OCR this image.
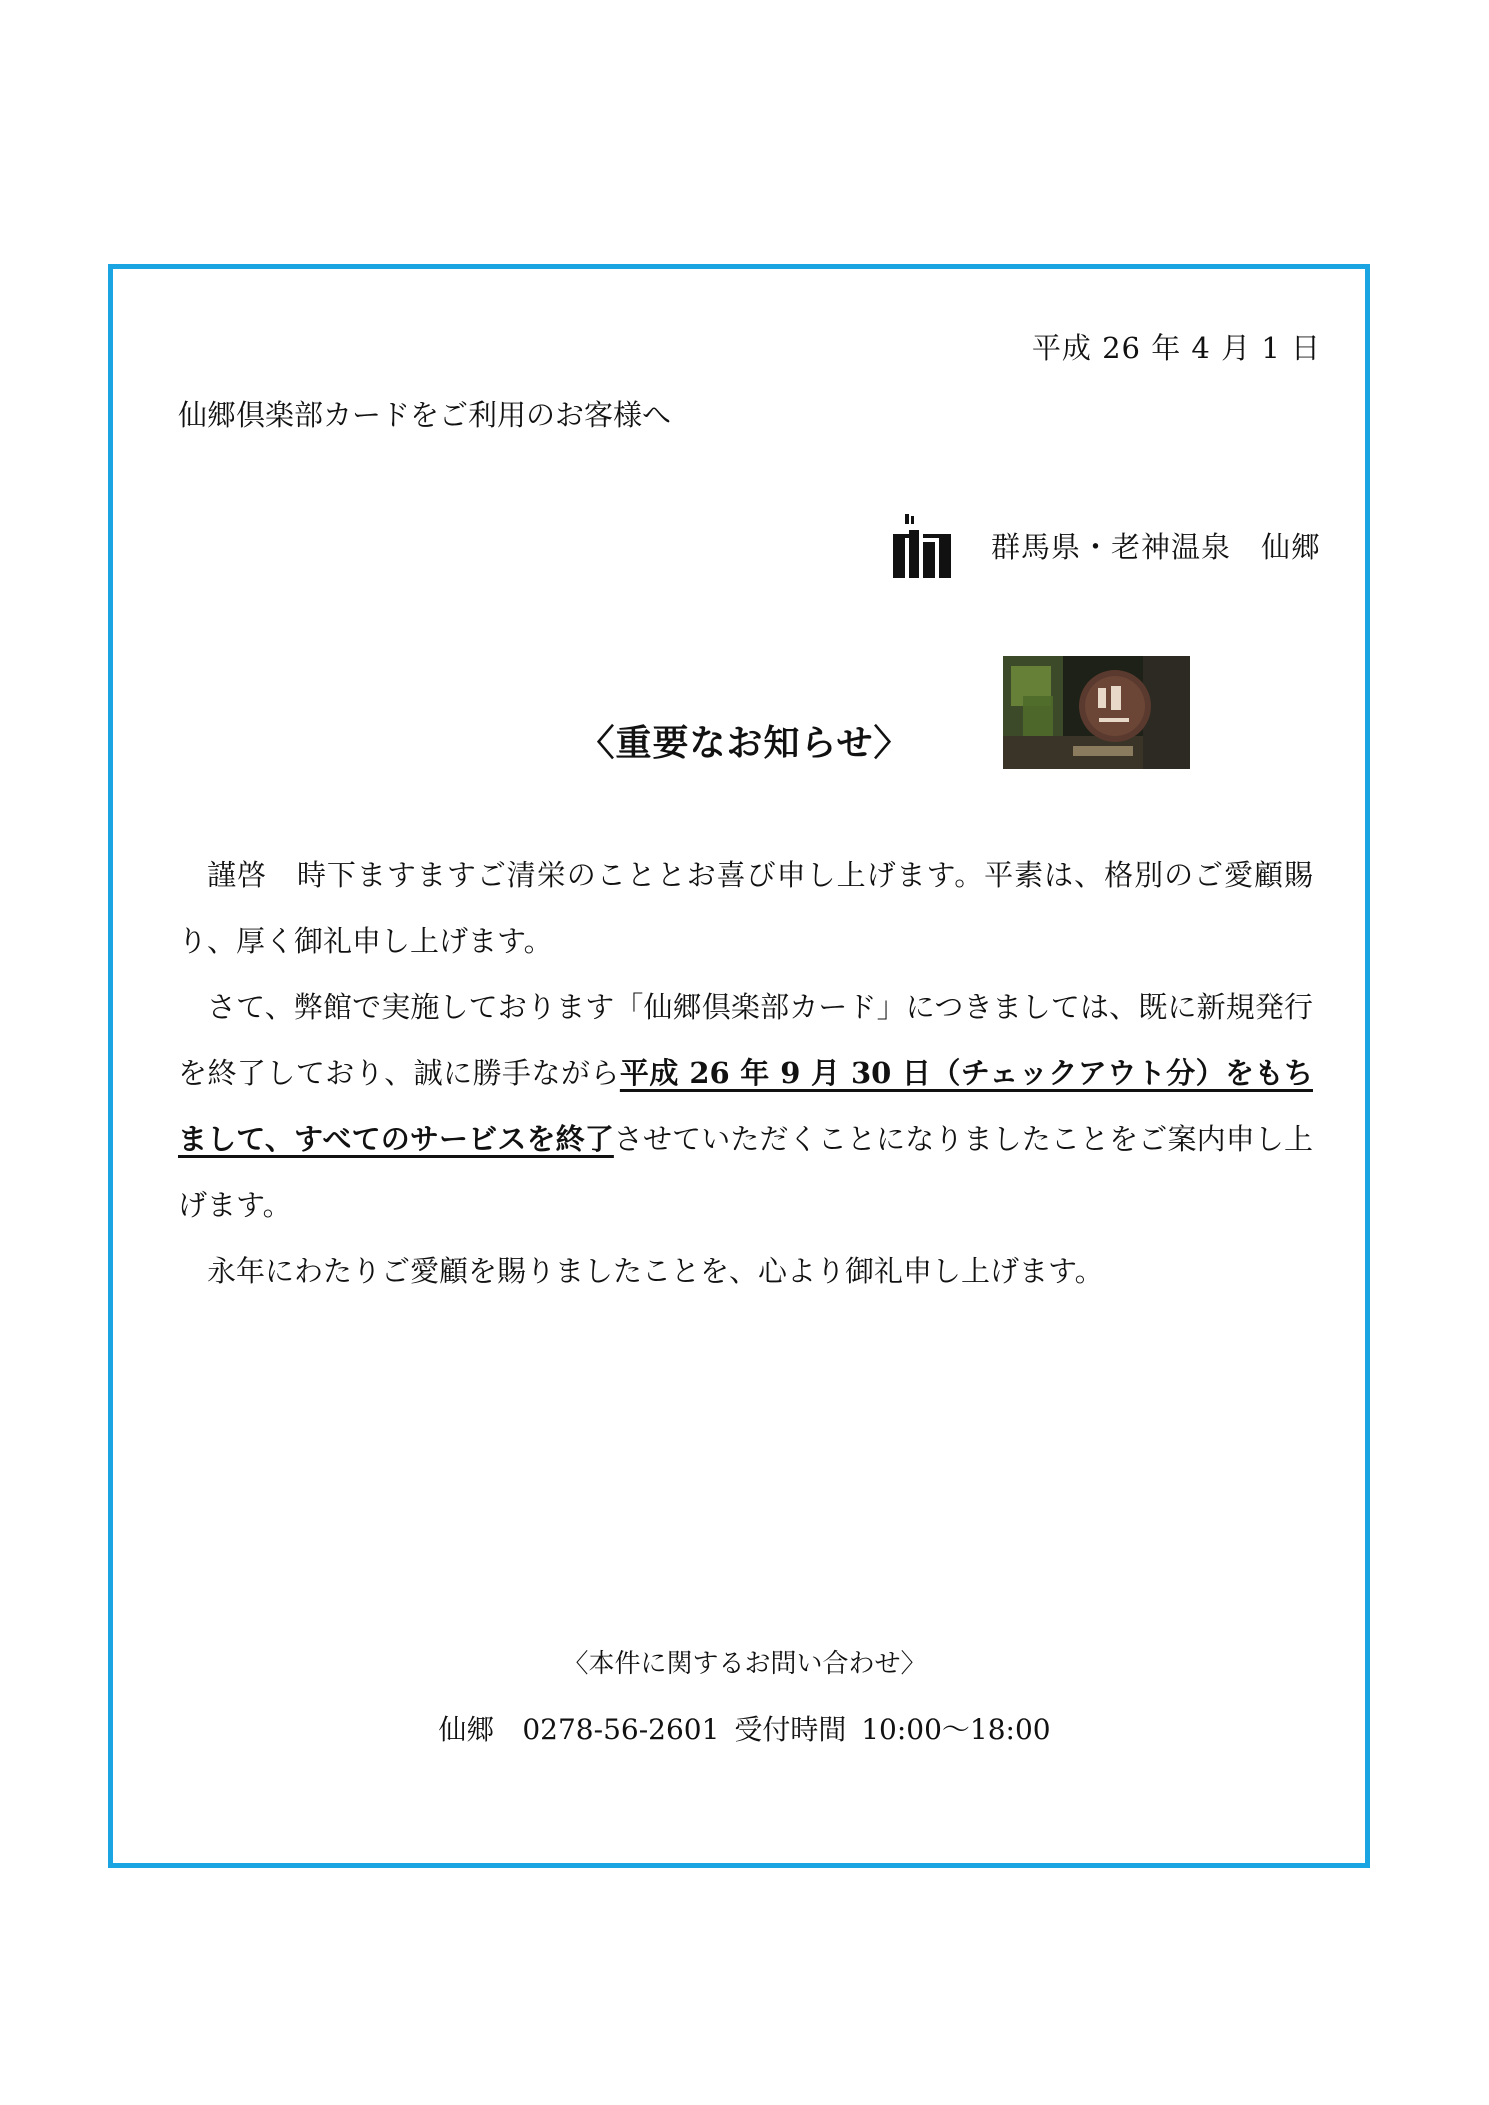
平成 26 年 4 月 1 日
仙郷倶楽部カードをご利用のお客様へ
群馬県・老神温泉　仙郷
〈重要なお知らせ〉

謹啓　時下ますますご清栄のこととお喜び申し上げます。平素は、格別のご愛顧賜り、厚く御礼申し上げます。

さて、弊館で実施しております「仙郷倶楽部カード」につきましては、既に新規発行を終了しており、誠に勝手ながら平成 26 年 9 月 30 日（チェックアウト分）をもちまして、すべてのサービスを終了させていただくことになりましたことをご案内申し上げます。

永年にわたりご愛顧を賜りましたことを、心より御礼申し上げます。

〈本件に関するお問い合わせ〉
仙郷　0278-56-2601 受付時間 10:00～18:00
